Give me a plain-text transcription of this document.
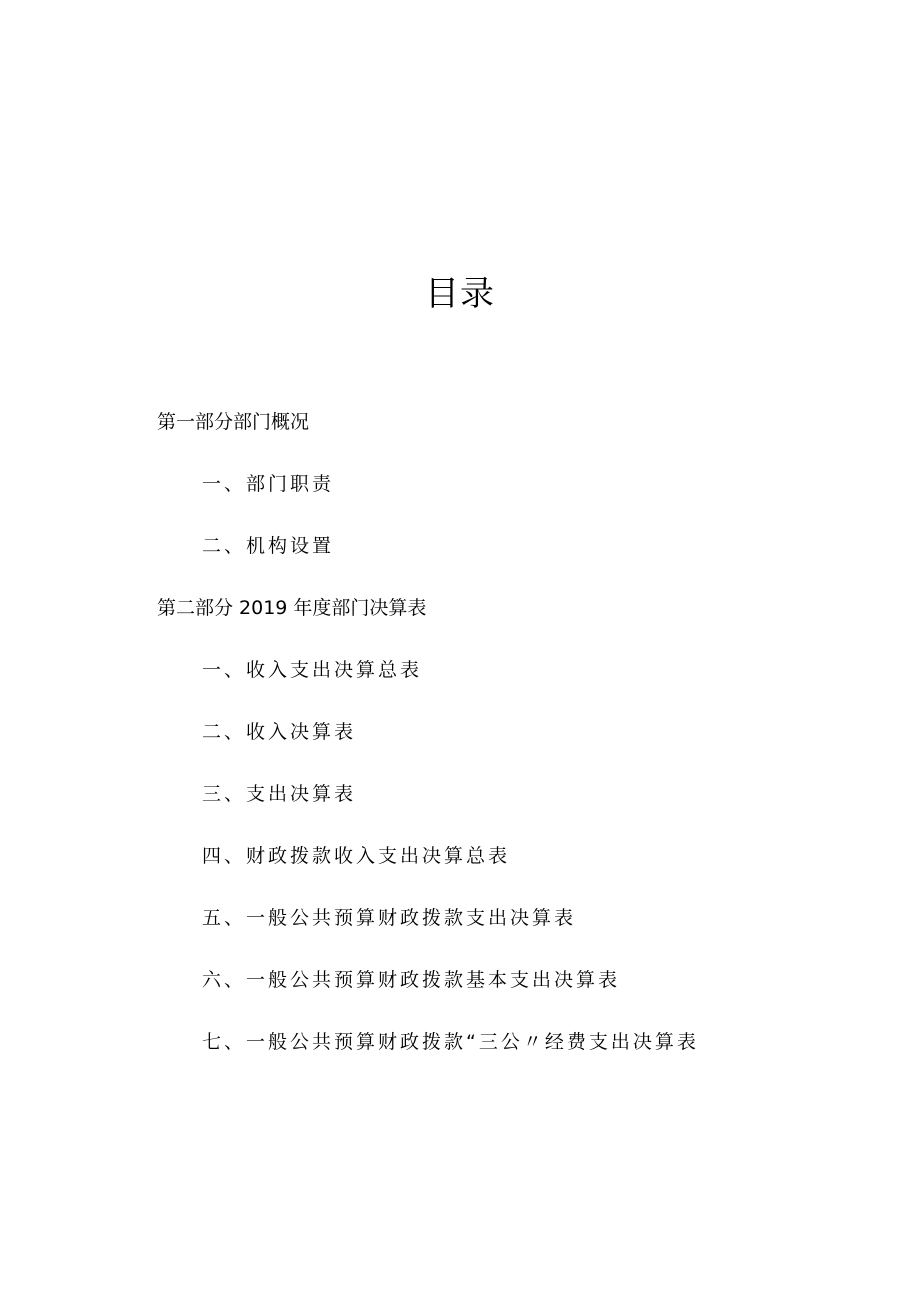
目录
第一部分部门概况
一、部门职责
二、机构设置
第二部分 2019 年度部门决算表
一、收入支出决算总表
二、收入决算表
三、支出决算表
四、财政拨款收入支出决算总表
五、一般公共预算财政拨款支出决算表
六、一般公共预算财政拨款基本支出决算表
七、一般公共预算财政拨款“三公〃经费支出决算表
